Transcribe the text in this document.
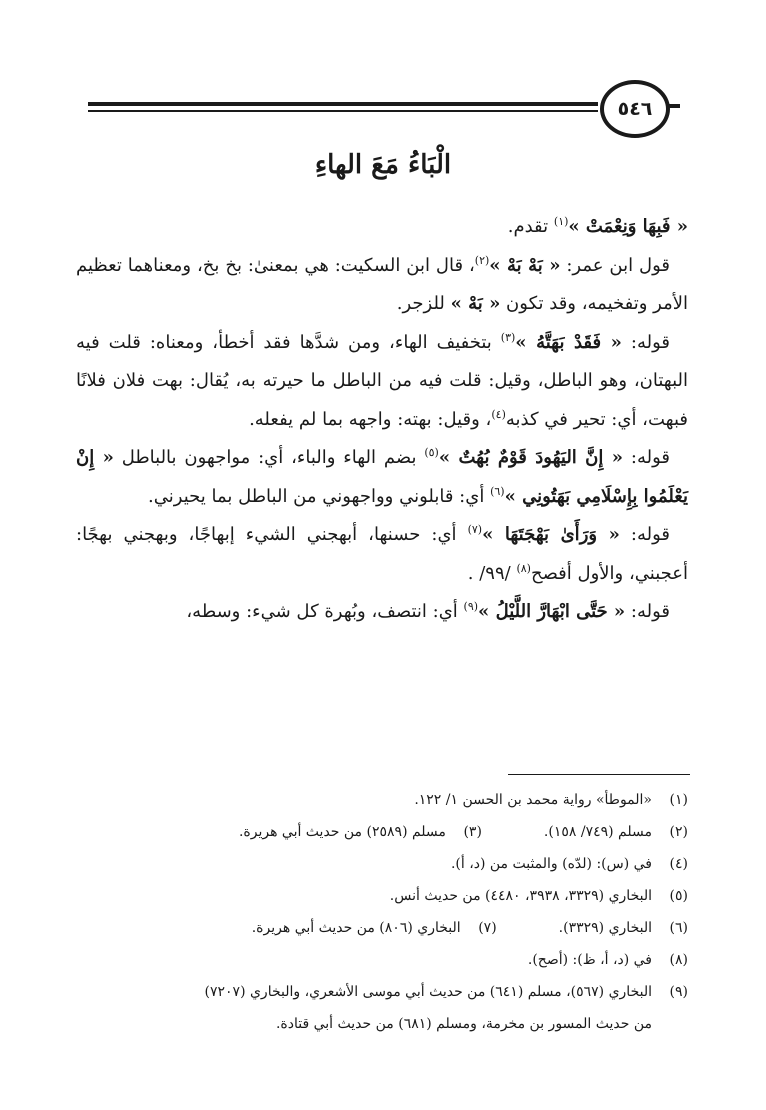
٥٤٦
الْبَاءُ مَعَ الهاءِ

« فَبِهَا وَنِعْمَتْ »$^{(١)}$ تقدم.

قول ابن عمر: « بَهْ بَهْ »$^{(٢)}$، قال ابن السكيت: هي بمعنىٰ: بخ بخ، ومعناهما تعظيم الأمر وتفخيمه، وقد تكون « بَهْ » للزجر.

قوله: « فَقَدْ بَهَتَّهُ »$^{(٣)}$ بتخفيف الهاء، ومن شدَّها فقد أخطأ، ومعناه: قلت فيه البهتان، وهو الباطل، وقيل: قلت فيه من الباطل ما حيرته به، يُقال: بهت فلان فلانًا فبهت، أي: تحير في كذبه$^{(٤)}$، وقيل: بهته: واجهه بما لم يفعله.

قوله: « إِنَّ اليَهُودَ قَوْمٌ بُهُتٌ »$^{(٥)}$ بضم الهاء والباء، أي: مواجهون بالباطل « إِنْ يَعْلَمُوا بِإِسْلَامِي بَهَتُونِي »$^{(٦)}$ أي: قابلوني وواجهوني من الباطل بما يحيرني.

قوله: « وَرَأَىٰ بَهْجَتَهَا »$^{(٧)}$ أي: حسنها، أبهجني الشيء إبهاجًا، وبهجني بهجًا: أعجبني، والأول أفصح$^{(٨)}$ /٩٩/ .

قوله: « حَتَّى ابْهَارَّ اللَّيْلُ »$^{(٩)}$ أي: انتصف، وبُهرة كل شيء: وسطه،

(١)
«الموطأ» رواية محمد بن الحسن ١/ ١٢٢.
(٢)
مسلم (٧٤٩/ ١٥٨).
(٣)
مسلم (٢٥٨٩) من حديث أبي هريرة.
(٤)
في (س): (لدّه) والمثبت من (د، أ).
(٥)
البخاري (٣٣٢٩، ٣٩٣٨، ٤٤٨٠) من حديث أنس.
(٦)
البخاري (٣٣٢٩).
(٧)
البخاري (٨٠٦) من حديث أبي هريرة.
(٨)
في (د، أ، ظ): (أصح).
(٩)
البخاري (٥٦٧)، مسلم (٦٤١) من حديث أبي موسى الأشعري، والبخاري (٧٢٠٧)
من حديث المسور بن مخرمة، ومسلم (٦٨١) من حديث أبي قتادة.
